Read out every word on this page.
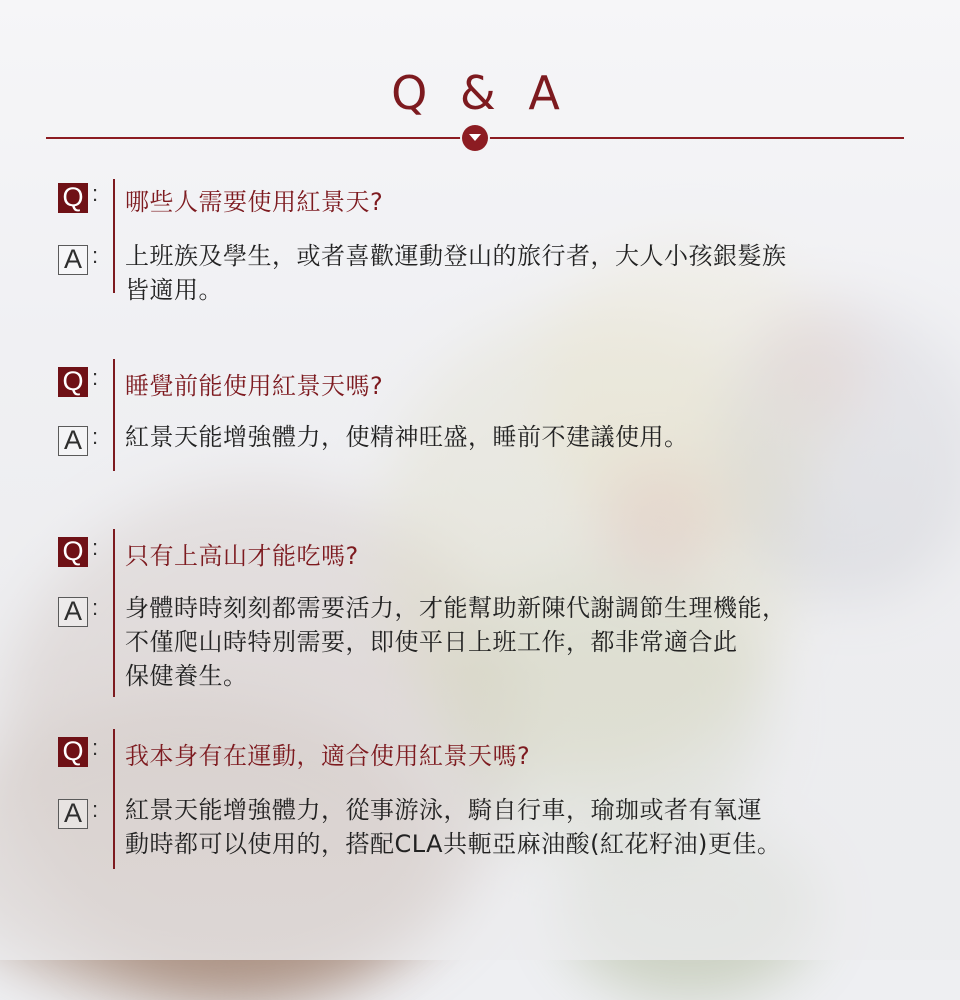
Q & A
Q : 哪些人需要使用紅景天?
A : 上班族及學生，或者喜歡運動登山的旅行者，大人小孩銀髮族
皆適用。
Q : 睡覺前能使用紅景天嗎?
A : 紅景天能增強體力，使精神旺盛，睡前不建議使用。
Q : 只有上高山才能吃嗎?
A : 身體時時刻刻都需要活力，才能幫助新陳代謝調節生理機能，
不僅爬山時特別需要，即使平日上班工作，都非常適合此
保健養生。
Q : 我本身有在運動，適合使用紅景天嗎?
A : 紅景天能增強體力，從事游泳，騎自行車，瑜珈或者有氧運
動時都可以使用的，搭配CLA共軛亞麻油酸(紅花籽油)更佳。
